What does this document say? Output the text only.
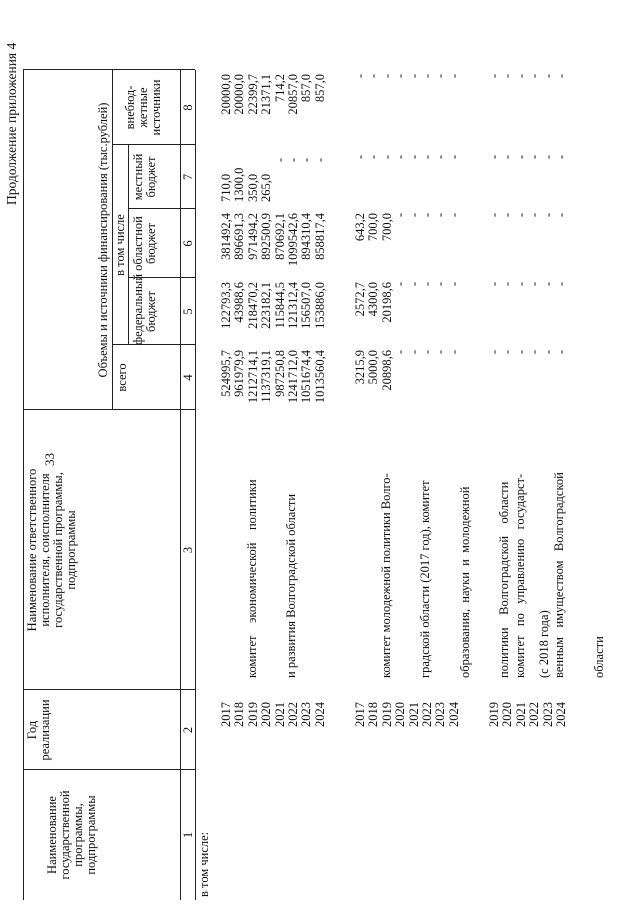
33
Продолжение приложения 4
Наименование государственной программы, подпрограммы
Год реализации
Наименование ответственного исполнителя, соисполнителя государственной программы, подпрограммы
Объемы и источники финансирования (тыс.рублей)
всего
в том числе
федеральный бюджет
областной бюджет
местный бюджет
внебюд- жетные источники
1
2
3
4
5
6
7
8
в том числе:
2017 2018 2019 2020 2021 2022 2023 2024

комитет    экономической    политики

и развития Волгоградской области

524995,7 961979,9 1212714,1 1137319,1 987250,8 1241712,0 1051674,4 1013560,4
122793,3 43988,6 218470,2 223182,1 115844,5 121312,4 156507,0 153886,0
381492,4 896691,3 971494,2 892500,9 870692,1 1099542,6 894310,4 858817,4
710,0 1300,0 350,0 265,0
- - - -
20000,0 20000,0 22399,7 21371,1 714,2 20857,0 857,0 857,0
2017 2018 2019 2020 2021 2022 2023 2024

комитет молодежной политики Волго-

градской области (2017 год), комитет

образования,  науки  и  молодежной

политики    Волгоградской    области

(с 2018 года)

3215,9 5000,0 20898,6 - - - - -
2572,7 4300,0 20198,6 - - - - -
643,2 700,0 700,0 - - - - -
- - - - - - - -
- - - - - - - -
2019 2020 2021 2022 2023 2024

комитет   по   управлению   государст-

венным   имуществом   Волгоградской

области

- - - - - -
- - - - - -
- - - - - -
- - - - - -
- - - - - -
